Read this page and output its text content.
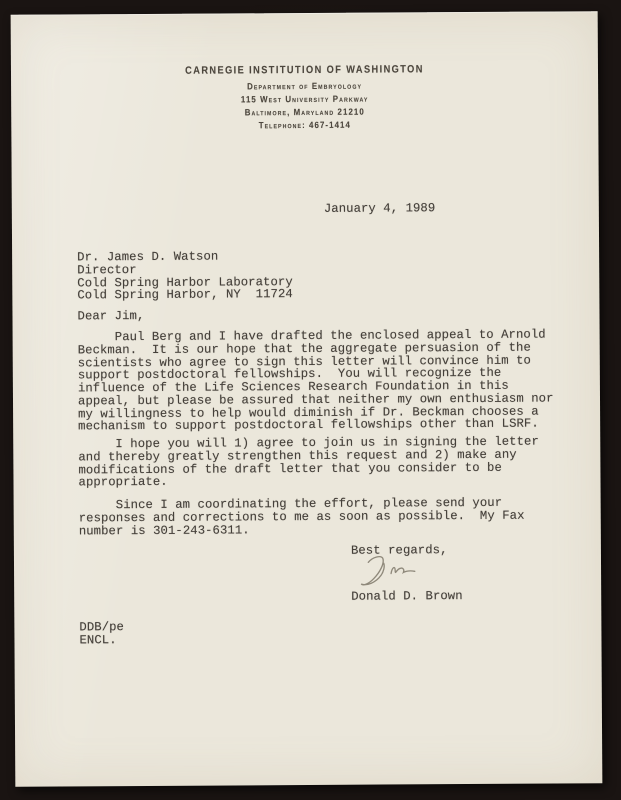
CARNEGIE INSTITUTION OF WASHINGTON
Department of Embryology
115 West University Parkway
Baltimore, Maryland 21210
Telephone: 467-1414
January 4, 1989
Dr. James D. Watson
Director
Cold Spring Harbor Laboratory
Cold Spring Harbor, NY  11724
Dear Jim,
Paul Berg and I have drafted the enclosed appeal to Arnold
Beckman.  It is our hope that the aggregate persuasion of the
scientists who agree to sign this letter will convince him to
support postdoctoral fellowships.  You will recognize the
influence of the Life Sciences Research Foundation in this
appeal, but please be assured that neither my own enthusiasm nor
my willingness to help would diminish if Dr. Beckman chooses a
mechanism to support postdoctoral fellowships other than LSRF.
I hope you will 1) agree to join us in signing the letter
and thereby greatly strengthen this request and 2) make any
modifications of the draft letter that you consider to be
appropriate.
Since I am coordinating the effort, please send your
responses and corrections to me as soon as possible.  My Fax
number is 301-243-6311.
Best regards,
Donald D. Brown
DDB/pe
ENCL.
